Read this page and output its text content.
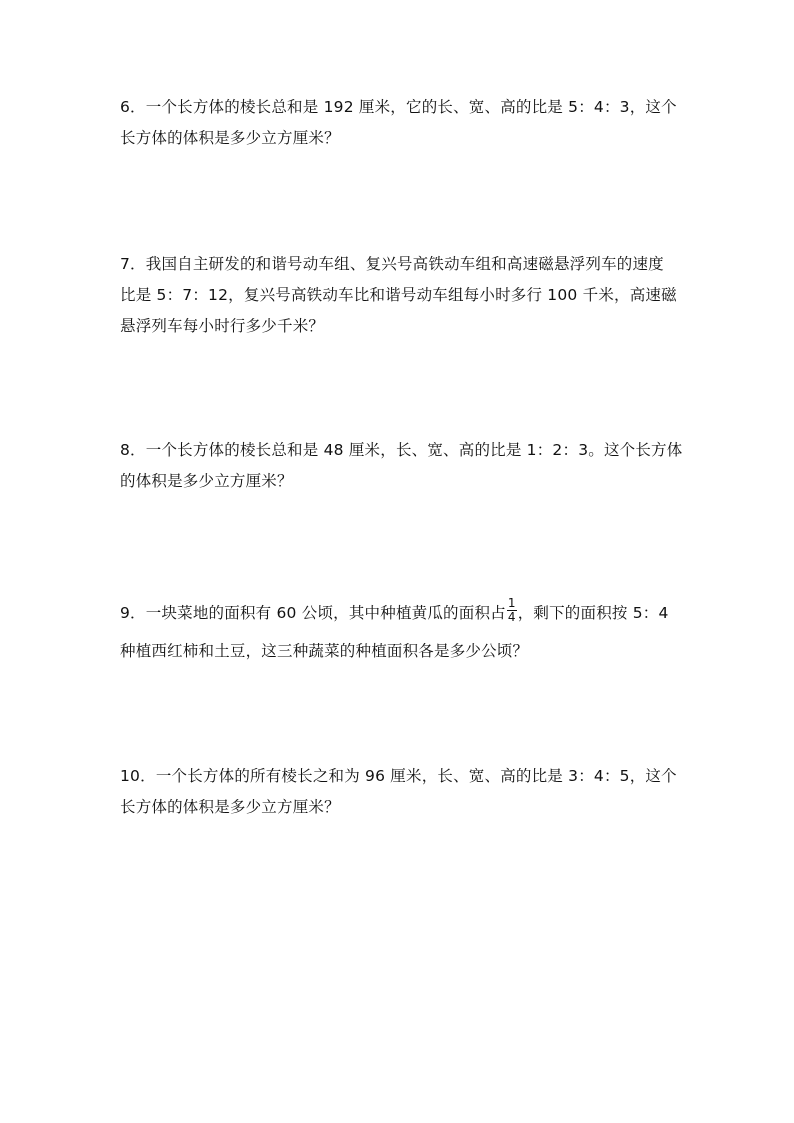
6．一个长方体的棱长总和是 192 厘米，它的长、宽、高的比是 5：4：3，这个
长方体的体积是多少立方厘米？
7．我国自主研发的和谐号动车组、复兴号高铁动车组和高速磁悬浮列车的速度
比是 5：7：12，复兴号高铁动车比和谐号动车组每小时多行 100 千米，高速磁
悬浮列车每小时行多少千米？
8．一个长方体的棱长总和是 48 厘米，长、宽、高的比是 1：2：3。这个长方体
的体积是多少立方厘米？
9．一块菜地的面积有 60 公顷，其中种植黄瓜的面积占 $\frac{1}{4}$ ，剩下的面积按 5：4
种植西红柿和土豆，这三种蔬菜的种植面积各是多少公顷？
10．一个长方体的所有棱长之和为 96 厘米，长、宽、高的比是 3：4：5，这个
长方体的体积是多少立方厘米？
